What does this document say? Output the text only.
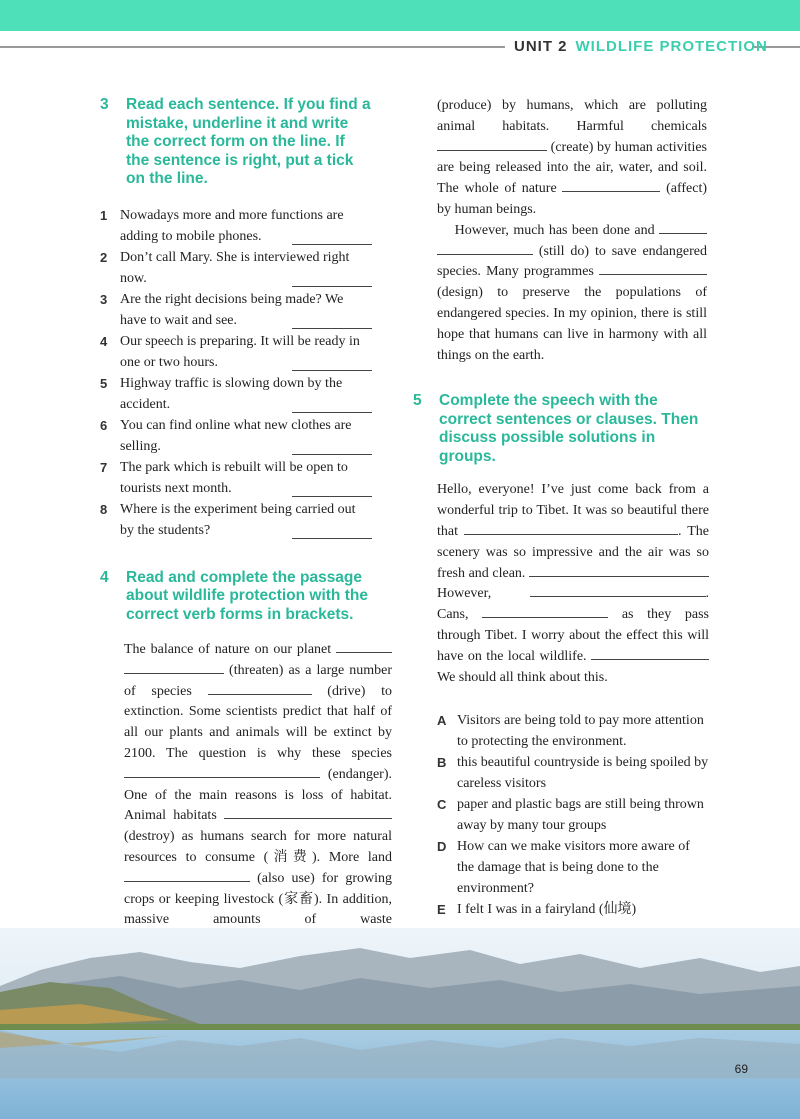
UNIT 2 WILDLIFE PROTECTION
3	Read each sentence. If you find a mistake, underline it and write the correct form on the line. If the sentence is right, put a tick on the line.
1 Nowadays more and more functions are adding to mobile phones.
2 Don’t call Mary. She is interviewed right now.
3 Are the right decisions being made? We have to wait and see.
4 Our speech is preparing. It will be ready in one or two hours.
5 Highway traffic is slowing down by the accident.
6 You can find online what new clothes are selling.
7 The park which is rebuilt will be open to tourists next month.
8 Where is the experiment being carried out by the students?
4	Read and complete the passage about wildlife protection with the correct verb forms in brackets.
The balance of nature on our planet   (threaten) as a large number of species	(drive) to extinction. Some scientists predict that half of all our plants and animals will be extinct by 2100. The question is why these species  (endanger). One of the main reasons is loss of habitat. Animal habitats  (destroy) as humans search for more natural resources to consume (消费). More land  (also use) for growing crops or keeping livestock (家畜). In addition, massive amounts of waste
(produce) by humans, which are polluting animal habitats. Harmful chemicals  (create) by human activities are being released into the air, water, and soil. The whole of nature	(affect) by human beings.
However, much has been done and   (still do) to save endangered species. Many programmes  (design) to preserve the populations of endangered species. In my opinion, there is still hope that humans can live in harmony with all things on the earth.
5	Complete the speech with the correct sentences or clauses. Then discuss possible solutions in groups.
Hello, everyone! I’ve just come back from a wonderful trip to Tibet. It was so beautiful there that	. The scenery was so impressive and the air was so fresh and clean.  However,	. Cans,	as they pass through Tibet. I worry about the effect this will have on the local wildlife.  We should all think about this.
A Visitors are being told to pay more attention to protecting the environment.
B this beautiful countryside is being spoiled by careless visitors
C paper and plastic bags are still being thrown away by many tour groups
D How can we make visitors more aware of the damage that is being done to the environment?
E I felt I was in a fairyland (仙境)
69
